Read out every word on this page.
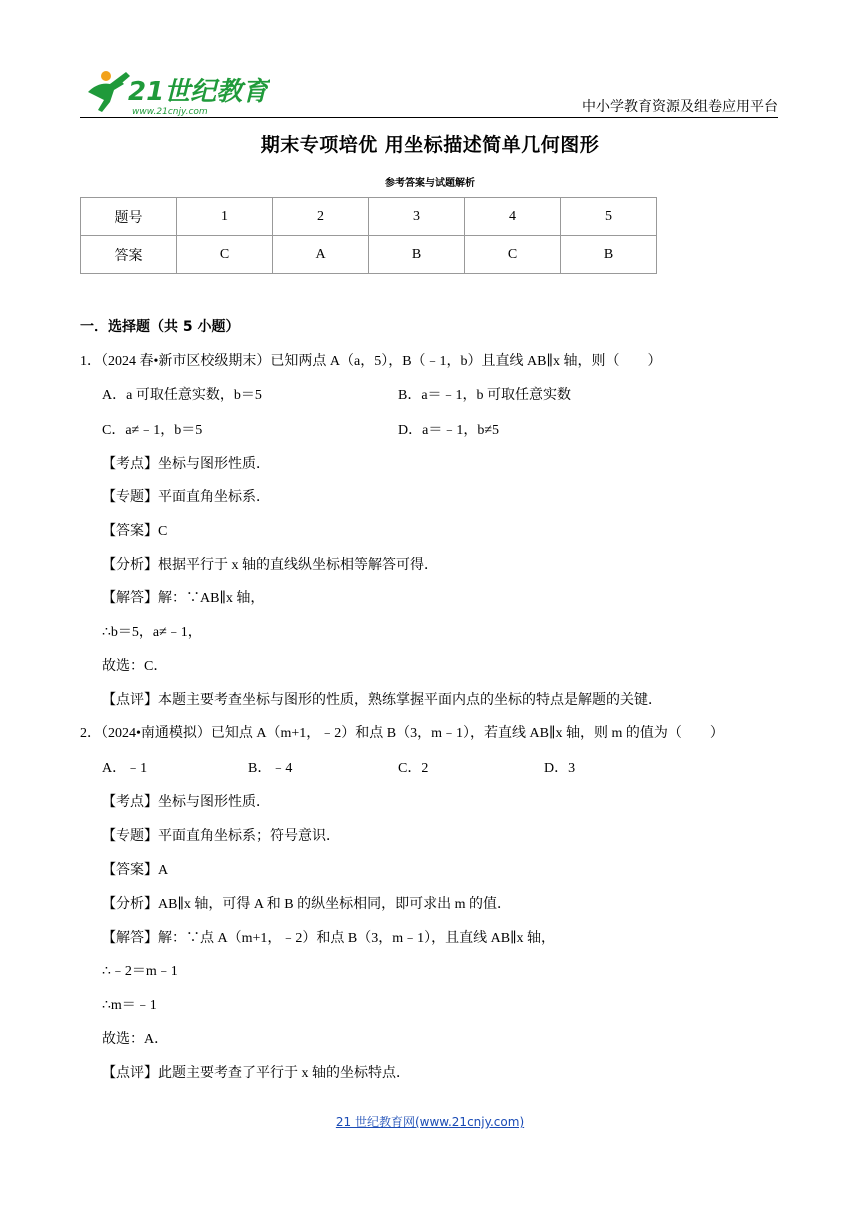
21世纪教育
www.21cnjy.com	中小学教育资源及组卷应用平台
期末专项培优 用坐标描述简单几何图形
参考答案与试题解析
题号	1	2	3	4	5
答案	C	A	B	C	B
一．选择题（共 5 小题）
1．（2024 春•新市区校级期末）已知两点 A（a，5），B（﹣1，b）且直线 AB∥x 轴，则（　　）
A．a 可取任意实数，b＝5	B．a＝﹣1，b 可取任意实数
C．a≠﹣1，b＝5	D．a＝﹣1，b≠5
【考点】坐标与图形性质．
【专题】平面直角坐标系．
【答案】C
【分析】根据平行于 x 轴的直线纵坐标相等解答可得．
【解答】解：∵AB∥x 轴，
∴b＝5，a≠﹣1，
故选：C．
【点评】本题主要考查坐标与图形的性质，熟练掌握平面内点的坐标的特点是解题的关键．
2．（2024•南通模拟）已知点 A（m+1，﹣2）和点 B（3，m﹣1），若直线 AB∥x 轴，则 m 的值为（　　）
A．﹣1	B．﹣4	C．2	D．3
【考点】坐标与图形性质．
【专题】平面直角坐标系；符号意识．
【答案】A
【分析】AB∥x 轴，可得 A 和 B 的纵坐标相同，即可求出 m 的值．
【解答】解：∵点 A（m+1，﹣2）和点 B（3，m﹣1），且直线 AB∥x 轴，
∴﹣2＝m﹣1
∴m＝﹣1
故选：A．
【点评】此题主要考查了平行于 x 轴的坐标特点．
21 世纪教育网(www.21cnjy.com)
